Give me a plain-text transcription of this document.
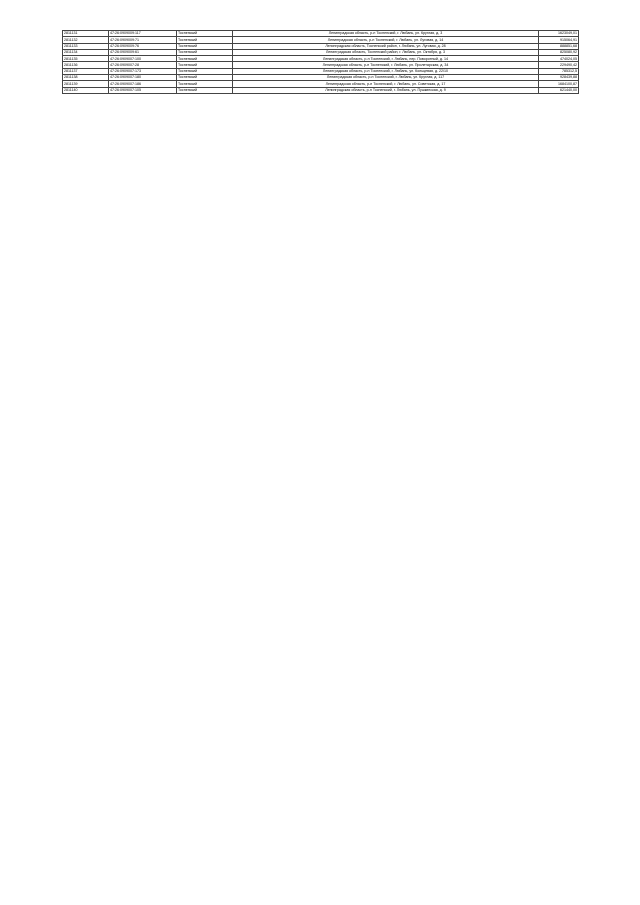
2811131	47:26:0909009:117	Тосненский	Ленинградская область, р-н Тосненский, г. Любань, ул. Круглая, д. 3	1623049,01
2811132	47:26:0909009:71	Тосненский	Ленинградская область, р-н Тосненский, г. Любань, ул. Луговая, д. 14	915064,91
2811133	47:26:0909009:76	Тосненский	Ленинградская область, Тосненский район, г. Любань, ул. Луговая, д. 28	888851,68
2811134	47:26:0909009:61	Тосненский	Ленинградская область, Тосненский район, г. Любань, ул. Октября, д. 3	825080,92
2811135	47:26:0909007:100	Тосненский	Ленинградская область, р-н Тосненский, г. Любань, пер. Поворотный, д. 14	474024,05
2811136	47:26:0909007:28	Тосненский	Ленинградская область, р-н Тосненский, г. Любань, ул. Пролетарская, д. 34	229490,42
2811137	47:26:0909007:173	Тосненский	Ленинградская область, р-н Тосненский, г. Любань, ул. Кольцевая, д. 22/10	785312,5
2811138	47:26:0909007:180	Тосненский	Ленинградская область, р-н Тосненский, г. Любань, ул. Круглая, д. 117	928439,88
2811139	47:26:0909007:186	Тосненский	Ленинградская область, р-н Тосненский, г. Любань, ул. Советская, д. 17	1684100,87
2811140	47:26:0909007:105	Тосненский	Ленинградская область, р-н Тосненский, г. Любань, ул. Пушкинская, д. 9	621440,00
